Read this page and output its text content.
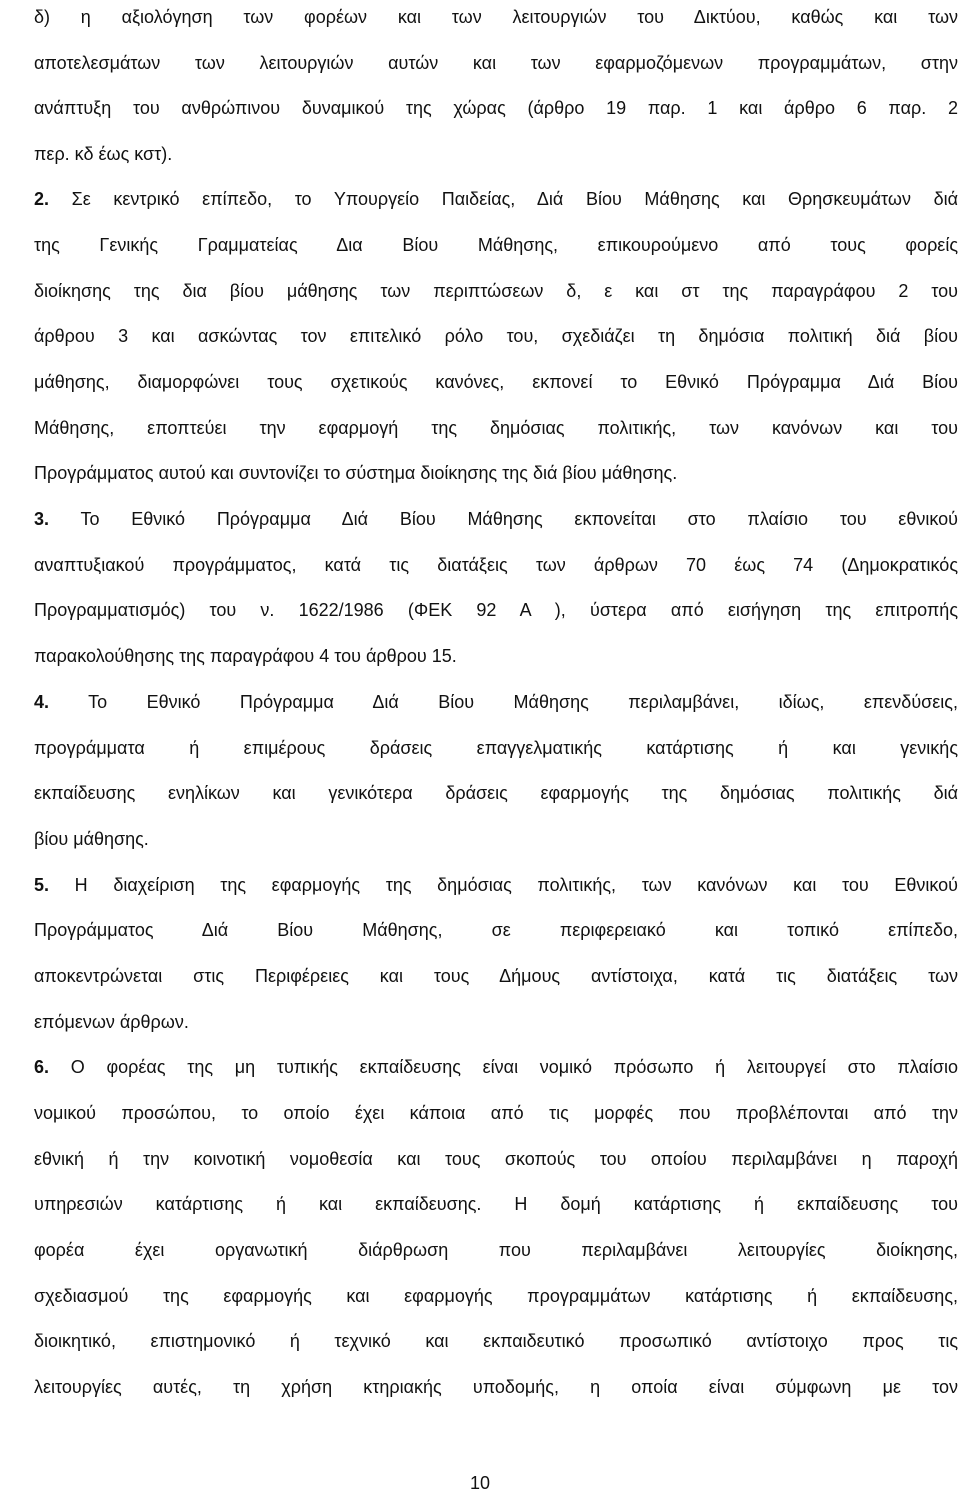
δ) η αξιολόγηση των φορέων και των λειτουργιών του Δικτύου, καθώς και των
αποτελεσμάτων των λειτουργιών αυτών και των εφαρμοζόμενων προγραμμάτων, στην
ανάπτυξη του ανθρώπινου δυναμικού της χώρας (άρθρο 19 παρ. 1 και άρθρο 6 παρ. 2
περ. κδ έως κστ).
2. Σε κεντρικό επίπεδο, το Υπουργείο Παιδείας, Διά Βίου Μάθησης και Θρησκευμάτων διά
της Γενικής Γραμματείας Δια Βίου Μάθησης, επικουρούμενο από τους φορείς
διοίκησης της δια βίου μάθησης των περιπτώσεων δ, ε και στ της παραγράφου 2 του
άρθρου 3 και ασκώντας τον επιτελικό ρόλο του, σχεδιάζει τη δημόσια πολιτική διά βίου
μάθησης, διαμορφώνει τους σχετικούς κανόνες, εκπονεί το Εθνικό Πρόγραμμα Διά Βίου
Μάθησης, εποπτεύει την εφαρμογή της δημόσιας πολιτικής, των κανόνων και του
Προγράμματος αυτού και συντονίζει το σύστημα διοίκησης της διά βίου μάθησης.
3. Το Εθνικό Πρόγραμμα Διά Βίου Μάθησης εκπονείται στο πλαίσιο του εθνικού
αναπτυξιακού προγράμματος, κατά τις διατάξεις των άρθρων 70 έως 74 (Δημοκρατικός
Προγραμματισμός) του ν. 1622/1986 (ΦΕΚ 92 Α ), ύστερα από εισήγηση της επιτροπής
παρακολούθησης της παραγράφου 4 του άρθρου 15.
4. Το Εθνικό Πρόγραμμα Διά Βίου Μάθησης περιλαμβάνει, ιδίως, επενδύσεις,
προγράμματα ή επιμέρους δράσεις επαγγελματικής κατάρτισης ή και γενικής
εκπαίδευσης ενηλίκων και γενικότερα δράσεις εφαρμογής της δημόσιας πολιτικής διά
βίου μάθησης.
5. Η διαχείριση της εφαρμογής της δημόσιας πολιτικής, των κανόνων και του Εθνικού
Προγράμματος Διά Βίου Μάθησης, σε περιφερειακό και τοπικό επίπεδο,
αποκεντρώνεται στις Περιφέρειες και τους Δήμους αντίστοιχα, κατά τις διατάξεις των
επόμενων άρθρων.
6. Ο φορέας της μη τυπικής εκπαίδευσης είναι νομικό πρόσωπο ή λειτουργεί στο πλαίσιο
νομικού προσώπου, το οποίο έχει κάποια από τις μορφές που προβλέπονται από την
εθνική ή την κοινοτική νομοθεσία και τους σκοπούς του οποίου περιλαμβάνει η παροχή
υπηρεσιών κατάρτισης ή και εκπαίδευσης. Η δομή κατάρτισης ή εκπαίδευσης του
φορέα έχει οργανωτική διάρθρωση που περιλαμβάνει λειτουργίες διοίκησης,
σχεδιασμού της εφαρμογής και εφαρμογής προγραμμάτων κατάρτισης ή εκπαίδευσης,
διοικητικό, επιστημονικό ή τεχνικό και εκπαιδευτικό προσωπικό αντίστοιχο προς τις
λειτουργίες αυτές, τη χρήση κτηριακής υποδομής, η οποία είναι σύμφωνη με τον
10
